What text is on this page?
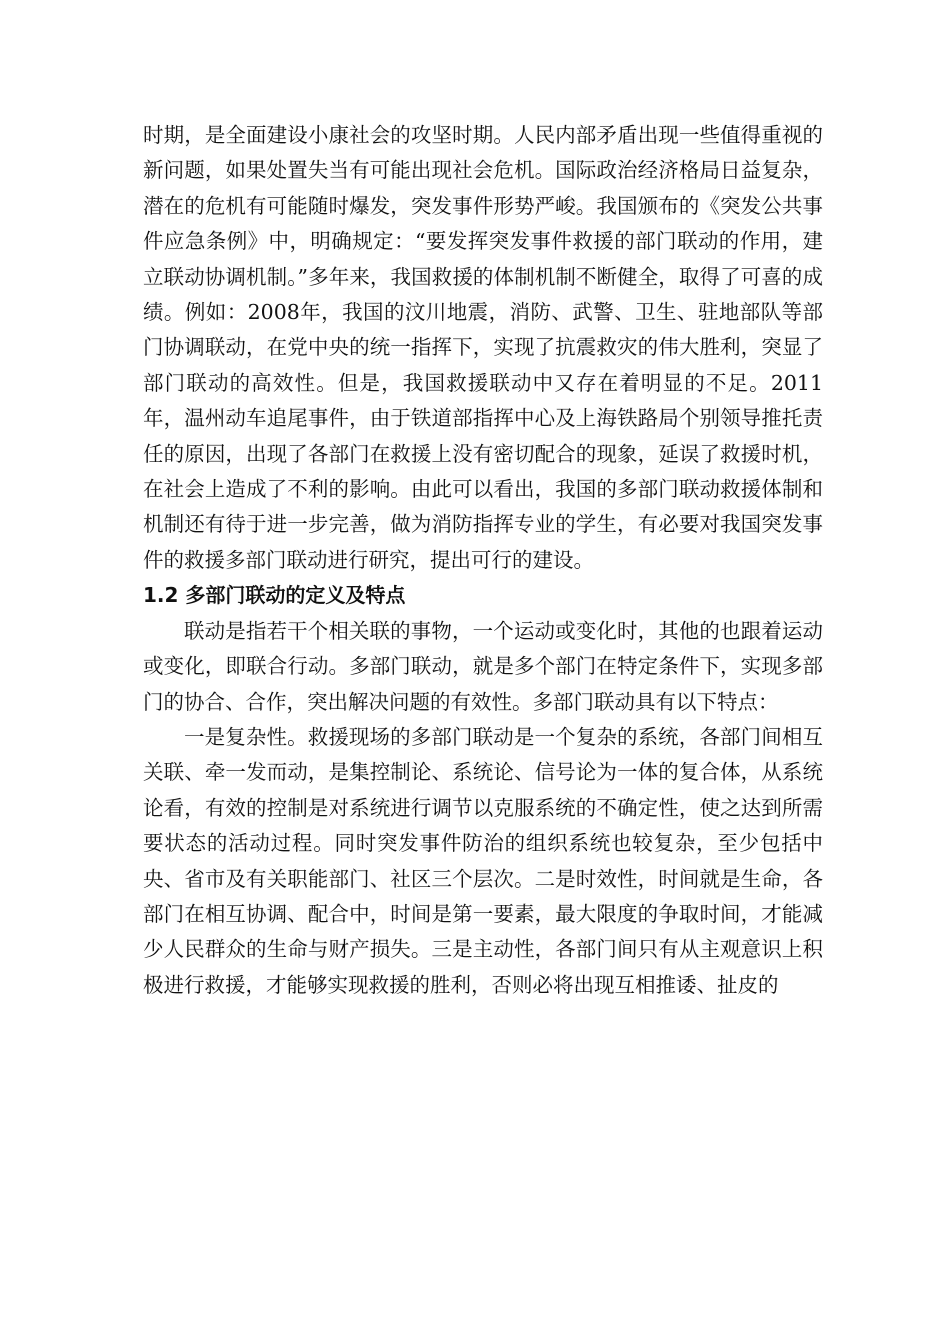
时期，是全面建设小康社会的攻坚时期。人民内部矛盾出现一些值得重视的新问题，如果处置失当有可能出现社会危机。国际政治经济格局日益复杂，潜在的危机有可能随时爆发，突发事件形势严峻。我国颁布的《突发公共事件应急条例》中，明确规定：“要发挥突发事件救援的部门联动的作用，建立联动协调机制。”多年来，我国救援的体制机制不断健全，取得了可喜的成绩。例如：2008年，我国的汶川地震，消防、武警、卫生、驻地部队等部门协调联动，在党中央的统一指挥下，实现了抗震救灾的伟大胜利，突显了部门联动的高效性。但是，我国救援联动中又存在着明显的不足。2011年，温州动车追尾事件，由于铁道部指挥中心及上海铁路局个别领导推托责任的原因，出现了各部门在救援上没有密切配合的现象，延误了救援时机，在社会上造成了不利的影响。由此可以看出，我国的多部门联动救援体制和机制还有待于进一步完善，做为消防指挥专业的学生，有必要对我国突发事件的救援多部门联动进行研究，提出可行的建设。

1.2 多部门联动的定义及特点

联动是指若干个相关联的事物，一个运动或变化时，其他的也跟着运动或变化，即联合行动。多部门联动，就是多个部门在特定条件下，实现多部门的协合、合作，突出解决问题的有效性。多部门联动具有以下特点：

一是复杂性。救援现场的多部门联动是一个复杂的系统，各部门间相互关联、牵一发而动，是集控制论、系统论、信号论为一体的复合体，从系统论看，有效的控制是对系统进行调节以克服系统的不确定性，使之达到所需要状态的活动过程。同时突发事件防治的组织系统也较复杂，至少包括中央、省市及有关职能部门、社区三个层次。二是时效性，时间就是生命，各部门在相互协调、配合中，时间是第一要素，最大限度的争取时间，才能减少人民群众的生命与财产损失。三是主动性，各部门间只有从主观意识上积极进行救援，才能够实现救援的胜利，否则必将出现互相推诿、扯皮的
